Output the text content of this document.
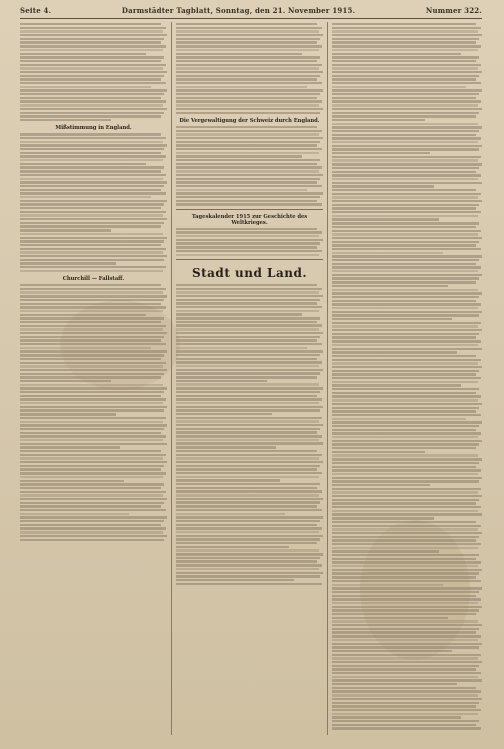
Seite 4.	Darmstädter Tagblatt, Sonntag, den 21. November 1915.	Nummer 322.
Mißstimmung in England.
Churchill — Fallstaff.
Die Vergewaltigung der Schweiz durch England.
Tageskalender 1915 zur Geschichte des Weltkrieges.
Stadt und Land.
